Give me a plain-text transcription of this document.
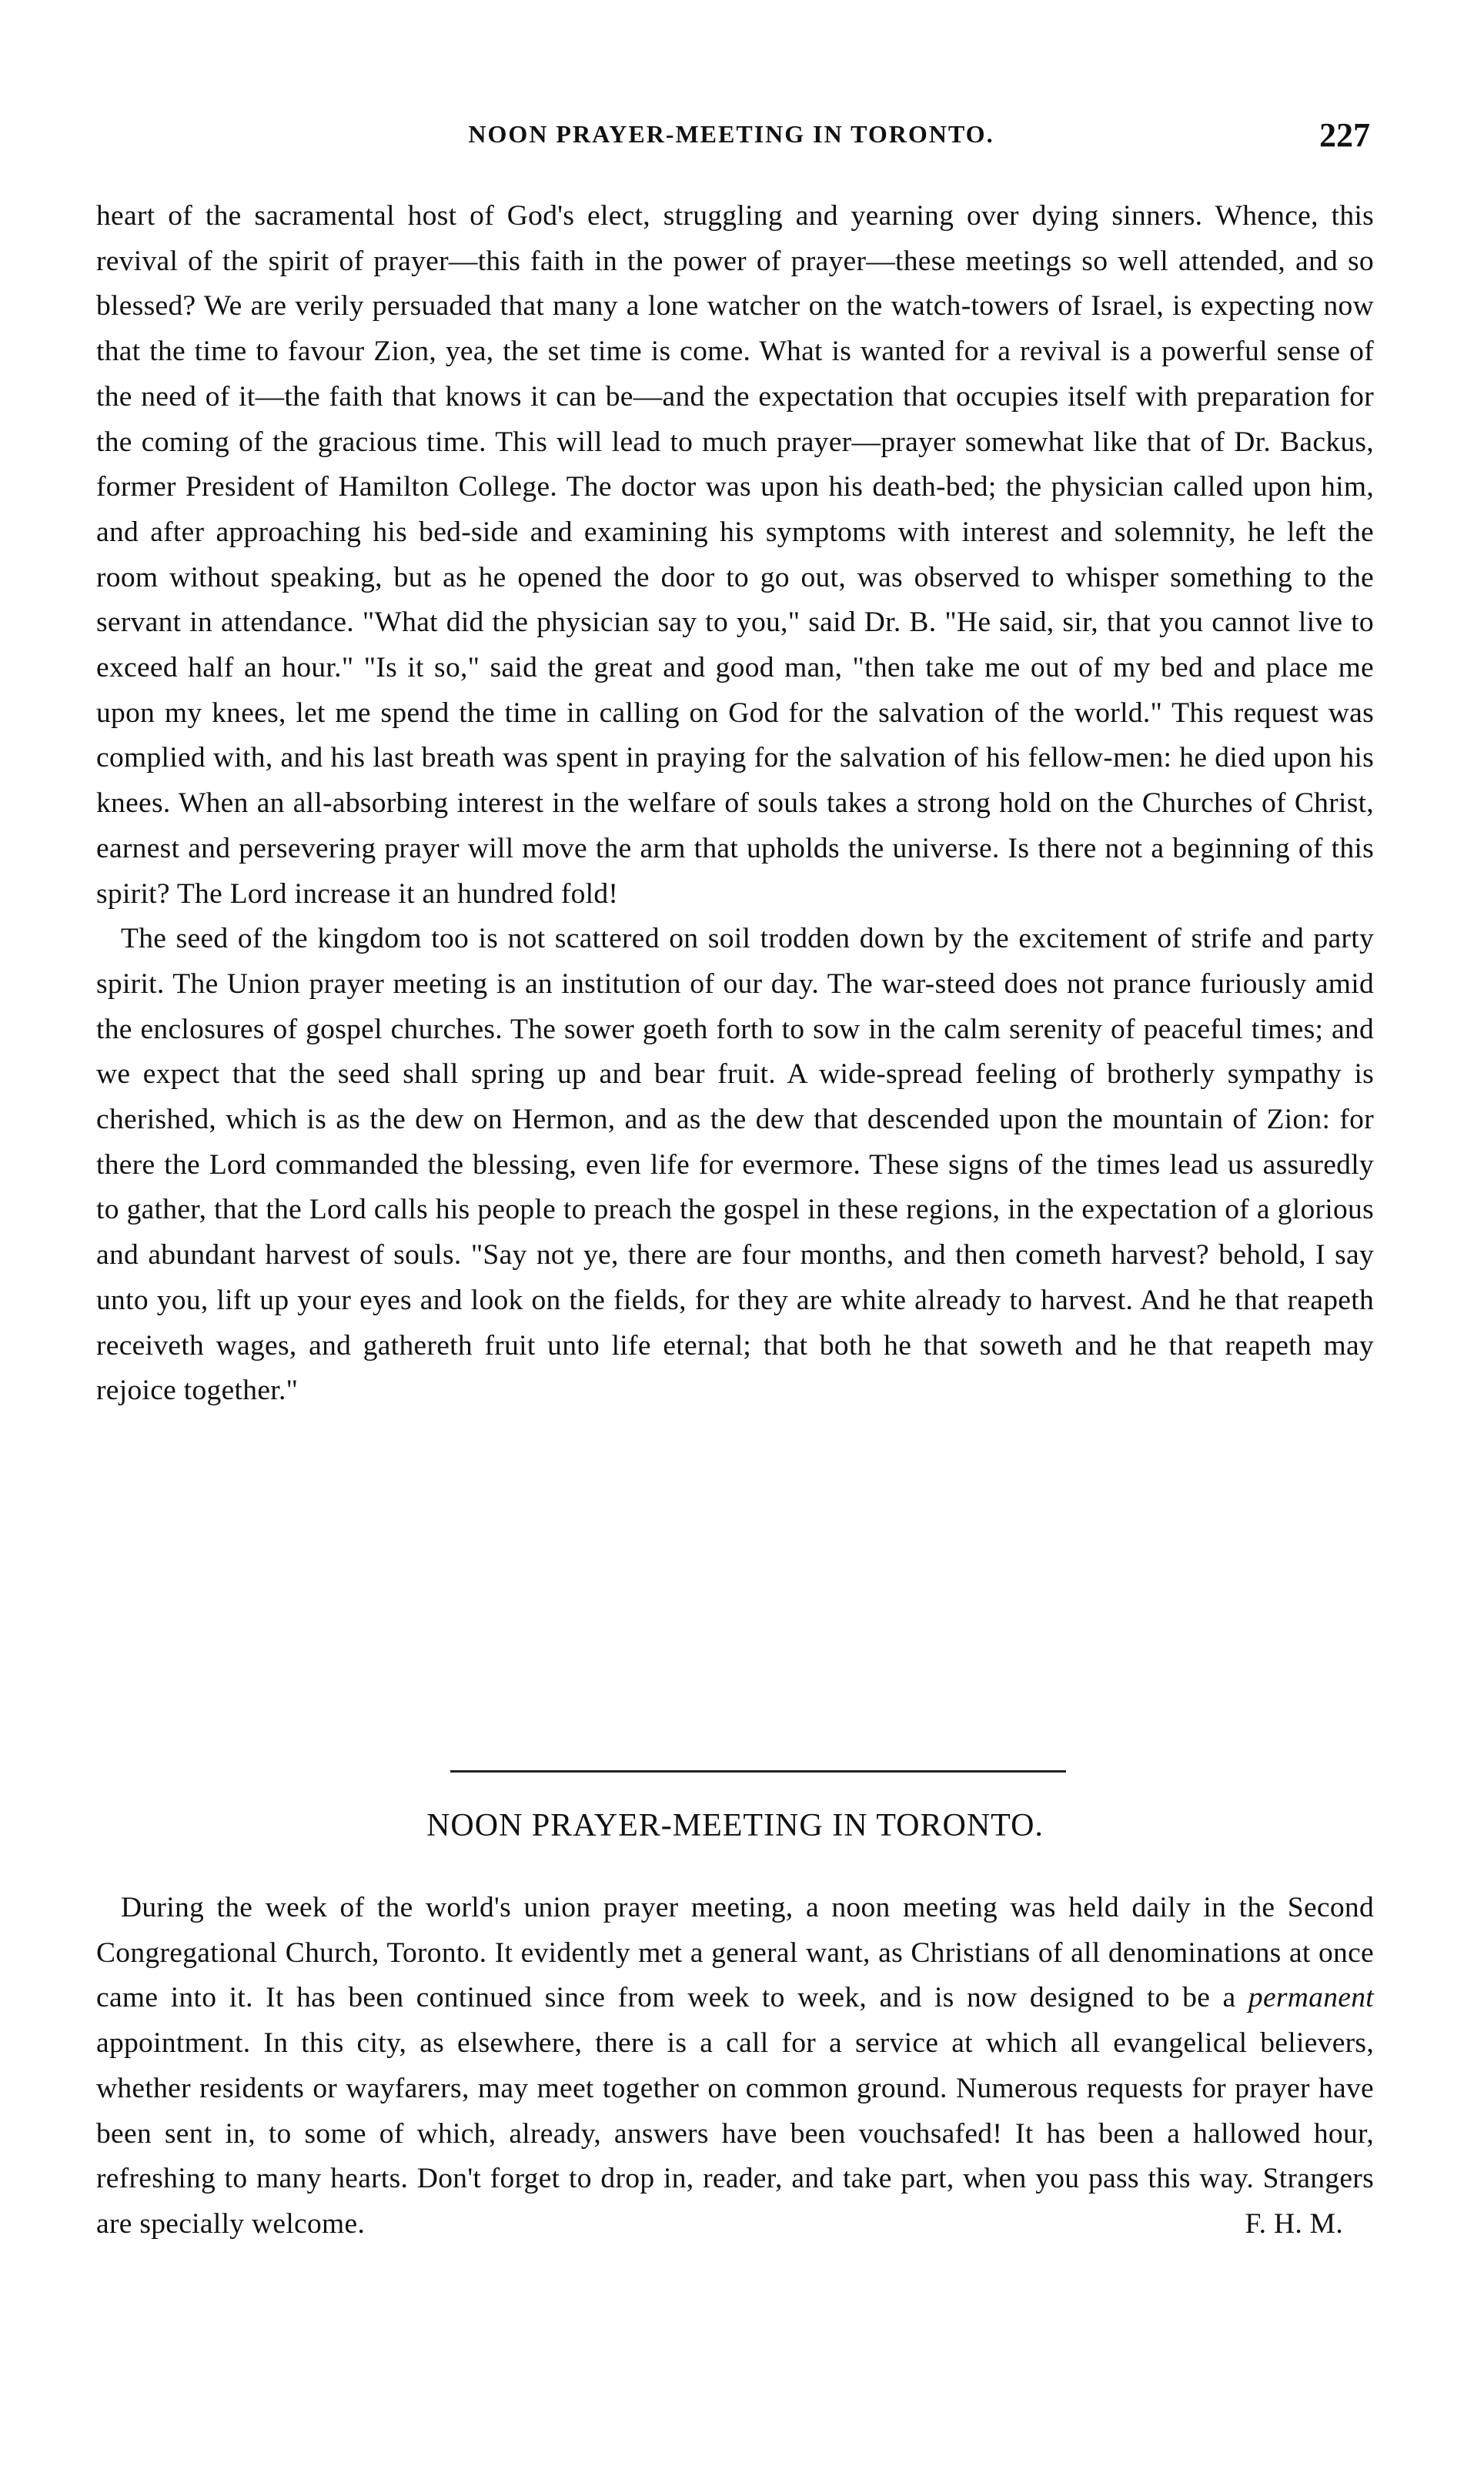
NOON PRAYER-MEETING IN TORONTO.	227

heart of the sacramental host of God's elect, struggling and yearning over dying sinners. Whence, this revival of the spirit of prayer—this faith in the power of prayer—these meetings so well attended, and so blessed? We are verily persuaded that many a lone watcher on the watch-towers of Israel, is expecting now that the time to favour Zion, yea, the set time is come. What is wanted for a revival is a powerful sense of the need of it—the faith that knows it can be—and the expectation that occupies itself with preparation for the coming of the gracious time. This will lead to much prayer—prayer somewhat like that of Dr. Backus, former President of Hamilton College. The doctor was upon his death-bed; the physician called upon him, and after approaching his bed-side and examining his symptoms with interest and solemnity, he left the room without speaking, but as he opened the door to go out, was observed to whisper something to the servant in attendance. "What did the physician say to you," said Dr. B. "He said, sir, that you cannot live to exceed half an hour." "Is it so," said the great and good man, "then take me out of my bed and place me upon my knees, let me spend the time in calling on God for the salvation of the world." This request was complied with, and his last breath was spent in praying for the salvation of his fellow-men: he died upon his knees. When an all-absorbing interest in the welfare of souls takes a strong hold on the Churches of Christ, earnest and persevering prayer will move the arm that upholds the universe. Is there not a beginning of this spirit? The Lord increase it an hundred fold!

The seed of the kingdom too is not scattered on soil trodden down by the excitement of strife and party spirit. The Union prayer meeting is an institution of our day. The war-steed does not prance furiously amid the enclosures of gospel churches. The sower goeth forth to sow in the calm serenity of peaceful times; and we expect that the seed shall spring up and bear fruit. A wide-spread feeling of brotherly sympathy is cherished, which is as the dew on Hermon, and as the dew that descended upon the mountain of Zion: for there the Lord commanded the blessing, even life for evermore. These signs of the times lead us assuredly to gather, that the Lord calls his people to preach the gospel in these regions, in the expectation of a glorious and abundant harvest of souls. "Say not ye, there are four months, and then cometh harvest? behold, I say unto you, lift up your eyes and look on the fields, for they are white already to harvest. And he that reapeth receiveth wages, and gathereth fruit unto life eternal; that both he that soweth and he that reapeth may rejoice together."

NOON PRAYER-MEETING IN TORONTO.

During the week of the world's union prayer meeting, a noon meeting was held daily in the Second Congregational Church, Toronto. It evidently met a general want, as Christians of all denominations at once came into it. It has been continued since from week to week, and is now designed to be a permanent appointment. In this city, as elsewhere, there is a call for a service at which all evangelical believers, whether residents or wayfarers, may meet together on common ground. Numerous requests for prayer have been sent in, to some of which, already, answers have been vouchsafed! It has been a hallowed hour, refreshing to many hearts. Don't forget to drop in, reader, and take part, when you pass this way. Strangers are specially welcome.	F. H. M.
